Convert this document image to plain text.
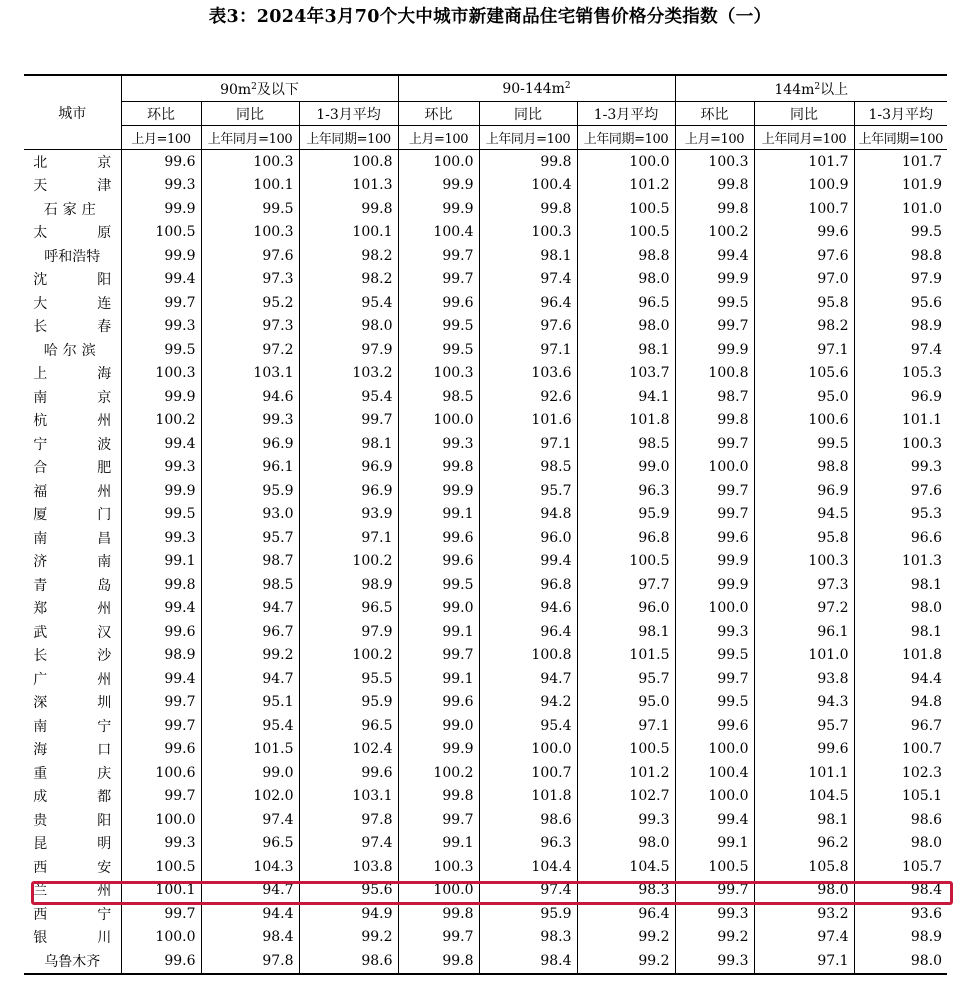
表3：2024年3月70个大中城市新建商品住宅销售价格分类指数（一）
城市	$90m^2$及以下			$90-144m^2$			$144m^2$以上		
	环比	同比	1-3月平均	环比	同比	1-3月平均	环比	同比	1-3月平均
	上月=100	上年同月=100	上年同期=100	上月=100	上年同月=100	上年同期=100	上月=100	上年同月=100	上年同期=100
北京	99.6	100.3	100.8	100.0	99.8	100.0	100.3	101.7	101.7
天津	99.3	100.1	101.3	99.9	100.4	101.2	99.8	100.9	101.9
石家庄	99.9	99.5	99.8	99.9	99.8	100.5	99.8	100.7	101.0
太原	100.5	100.3	100.1	100.4	100.3	100.5	100.2	99.6	99.5
呼和浩特	99.9	97.6	98.2	99.7	98.1	98.8	99.4	97.6	98.8
沈阳	99.4	97.3	98.2	99.7	97.4	98.0	99.9	97.0	97.9
大连	99.7	95.2	95.4	99.6	96.4	96.5	99.5	95.8	95.6
长春	99.3	97.3	98.0	99.5	97.6	98.0	99.7	98.2	98.9
哈尔滨	99.5	97.2	97.9	99.5	97.1	98.1	99.9	97.1	97.4
上海	100.3	103.1	103.2	100.3	103.6	103.7	100.8	105.6	105.3
南京	99.9	94.6	95.4	98.5	92.6	94.1	98.7	95.0	96.9
杭州	100.2	99.3	99.7	100.0	101.6	101.8	99.8	100.6	101.1
宁波	99.4	96.9	98.1	99.3	97.1	98.5	99.7	99.5	100.3
合肥	99.3	96.1	96.9	99.8	98.5	99.0	100.0	98.8	99.3
福州	99.9	95.9	96.9	99.9	95.7	96.3	99.7	96.9	97.6
厦门	99.5	93.0	93.9	99.1	94.8	95.9	99.7	94.5	95.3
南昌	99.3	95.7	97.1	99.6	96.0	96.8	99.6	95.8	96.6
济南	99.1	98.7	100.2	99.6	99.4	100.5	99.9	100.3	101.3
青岛	99.8	98.5	98.9	99.5	96.8	97.7	99.9	97.3	98.1
郑州	99.4	94.7	96.5	99.0	94.6	96.0	100.0	97.2	98.0
武汉	99.6	96.7	97.9	99.1	96.4	98.1	99.3	96.1	98.1
长沙	98.9	99.2	100.2	99.7	100.8	101.5	99.5	101.0	101.8
广州	99.4	94.7	95.5	99.1	94.7	95.7	99.7	93.8	94.4
深圳	99.7	95.1	95.9	99.6	94.2	95.0	99.5	94.3	94.8
南宁	99.7	95.4	96.5	99.0	95.4	97.1	99.6	95.7	96.7
海口	99.6	101.5	102.4	99.9	100.0	100.5	100.0	99.6	100.7
重庆	100.6	99.0	99.6	100.2	100.7	101.2	100.4	101.1	102.3
成都	99.7	102.0	103.1	99.8	101.8	102.7	100.0	104.5	105.1
贵阳	100.0	97.4	97.8	99.7	98.6	99.3	99.4	98.1	98.6
昆明	99.3	96.5	97.4	99.1	96.3	98.0	99.1	96.2	98.0
西安	100.5	104.3	103.8	100.3	104.4	104.5	100.5	105.8	105.7
兰州	100.1	94.7	95.6	100.0	97.4	98.3	99.7	98.0	98.4
西宁	99.7	94.4	94.9	99.8	95.9	96.4	99.3	93.2	93.6
银川	100.0	98.4	99.2	99.7	98.3	99.2	99.2	97.4	98.9
乌鲁木齐	99.6	97.8	98.6	99.8	98.4	99.2	99.3	97.1	98.0
